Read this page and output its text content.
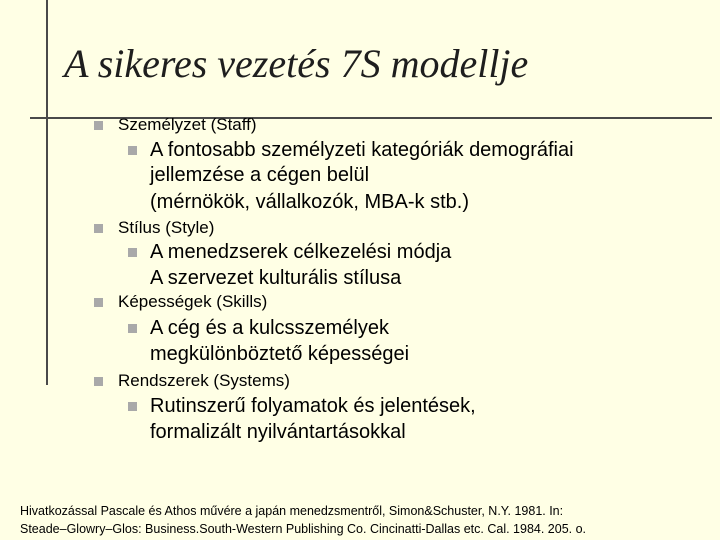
A sikeres vezetés 7S modellje
Személyzet (Staff)
A fontosabb személyzeti kategóriák demográfiai
jellemzése a cégen belül
(mérnökök, vállalkozók, MBA-k stb.)
Stílus (Style)
A menedzserek célkezelési módja
A szervezet kulturális stílusa
Képességek (Skills)
A cég és a kulcsszemélyek
megkülönböztető képességei
Rendszerek (Systems)
Rutinszerű folyamatok és jelentések,
formalizált nyilvántartásokkal

Hivatkozással Pascale és Athos művére a japán menedzsmentről, Simon&Schuster, N.Y. 1981. In:
Steade–Glowry–Glos: Business.South-Western Publishing Co. Cincinatti-Dallas etc. Cal. 1984. 205. o.
